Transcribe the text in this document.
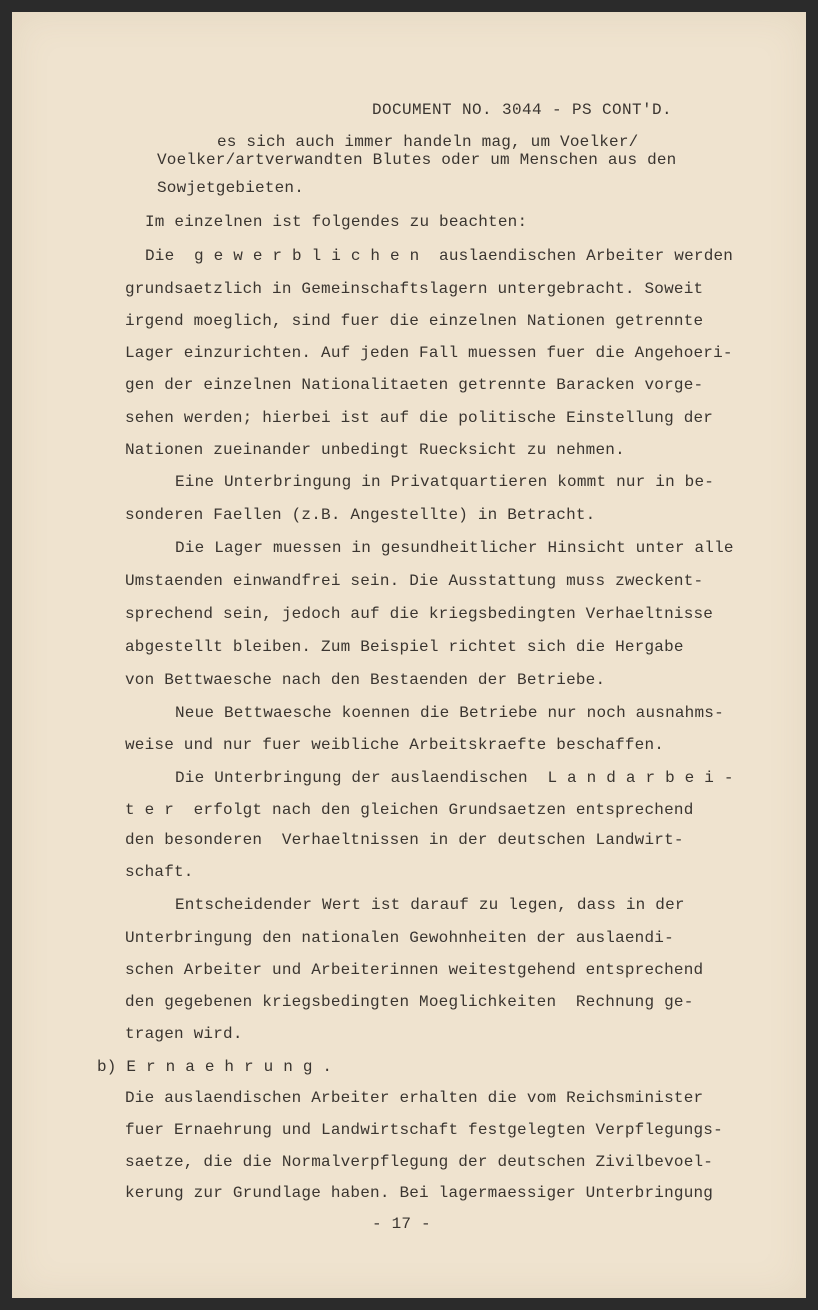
DOCUMENT NO. 3044 - PS CONT'D.
es sich auch immer handeln mag, um Voelker/
Voelker/artverwandten Blutes oder um Menschen aus den
Sowjetgebieten.
Im einzelnen ist folgendes zu beachten:
Die  g e w e r b l i c h e n  auslaendischen Arbeiter werden
grundsaetzlich in Gemeinschaftslagern untergebracht. Soweit
irgend moeglich, sind fuer die einzelnen Nationen getrennte
Lager einzurichten. Auf jeden Fall muessen fuer die Angehoeri-
gen der einzelnen Nationalitaeten getrennte Baracken vorge-
sehen werden; hierbei ist auf die politische Einstellung der
Nationen zueinander unbedingt Ruecksicht zu nehmen.
Eine Unterbringung in Privatquartieren kommt nur in be-
sonderen Faellen (z.B. Angestellte) in Betracht.
Die Lager muessen in gesundheitlicher Hinsicht unter alle
Umstaenden einwandfrei sein. Die Ausstattung muss zweckent-
sprechend sein, jedoch auf die kriegsbedingten Verhaeltnisse
abgestellt bleiben. Zum Beispiel richtet sich die Hergabe
von Bettwaesche nach den Bestaenden der Betriebe.
Neue Bettwaesche koennen die Betriebe nur noch ausnahms-
weise und nur fuer weibliche Arbeitskraefte beschaffen.
Die Unterbringung der auslaendischen  L a n d a r b e i -
t e r  erfolgt nach den gleichen Grundsaetzen entsprechend
den besonderen  Verhaeltnissen in der deutschen Landwirt-
schaft.
Entscheidender Wert ist darauf zu legen, dass in der
Unterbringung den nationalen Gewohnheiten der auslaendi-
schen Arbeiter und Arbeiterinnen weitestgehend entsprechend
den gegebenen kriegsbedingten Moeglichkeiten  Rechnung ge-
tragen wird.
b) E r n a e h r u n g .
Die auslaendischen Arbeiter erhalten die vom Reichsminister
fuer Ernaehrung und Landwirtschaft festgelegten Verpflegungs-
saetze, die die Normalverpflegung der deutschen Zivilbevoel-
kerung zur Grundlage haben. Bei lagermaessiger Unterbringung
- 17 -
